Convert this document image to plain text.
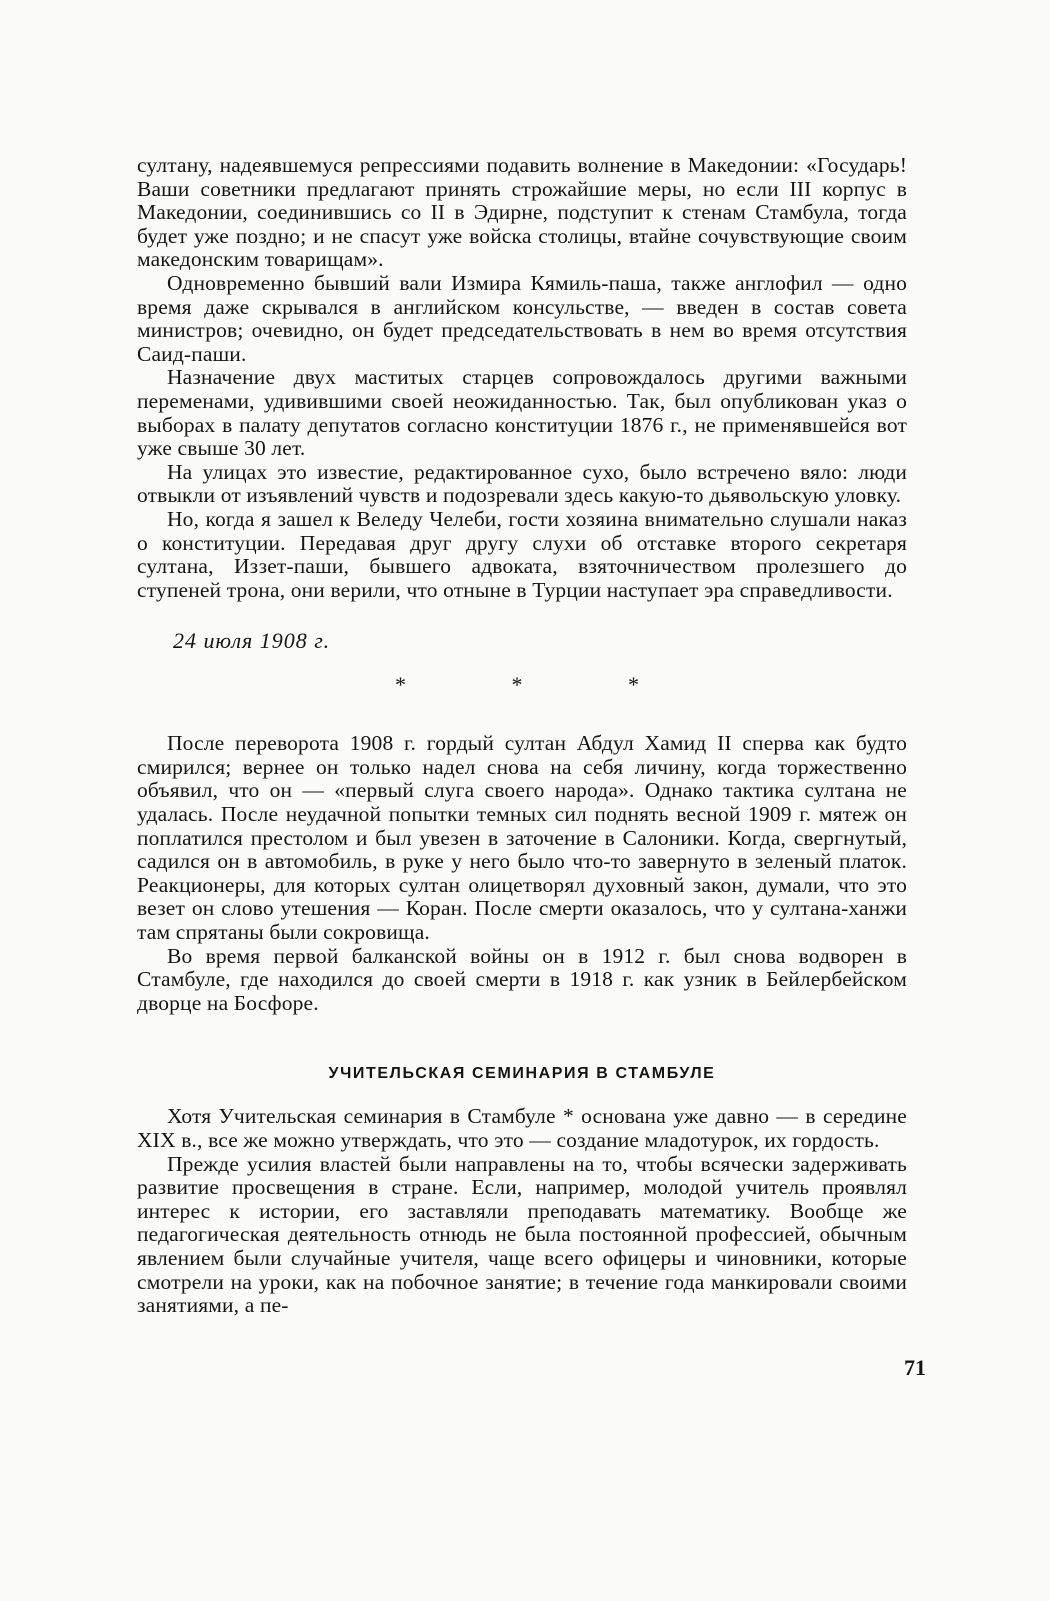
султану, надеявшемуся репрессиями подавить волнение в Македонии: «Государь! Ваши советники предлагают принять строжайшие меры, но если III корпус в Македонии, соединившись со II в Эдирне, подступит к стенам Стамбула, тогда будет уже поздно; и не спасут уже войска столицы, втайне сочувствующие своим македонским товарищам».

Одновременно бывший вали Измира Кямиль-паша, также англофил — одно время даже скрывался в английском консульстве, — введен в состав совета министров; очевидно, он будет председательствовать в нем во время отсутствия Саид-паши.

Назначение двух маститых старцев сопровождалось другими важными переменами, удивившими своей неожиданностью. Так, был опубликован указ о выборах в палату депутатов согласно конституции 1876 г., не применявшейся вот уже свыше 30 лет.

На улицах это известие, редактированное сухо, было встречено вяло: люди отвыкли от изъявлений чувств и подозревали здесь какую-то дьявольскую уловку.

Но, когда я зашел к Веледу Челеби, гости хозяина внимательно слушали наказ о конституции. Передавая друг другу слухи об отставке второго секретаря султана, Иззет-паши, бывшего адвоката, взяточничеством пролезшего до ступеней трона, они верили, что отныне в Турции наступает эра справедливости.

24 июля 1908 г.
* * *

После переворота 1908 г. гордый султан Абдул Хамид II сперва как будто смирился; вернее он только надел снова на себя личину, когда торжественно объявил, что он — «первый слуга своего народа». Однако тактика султана не удалась. После неудачной попытки темных сил поднять весной 1909 г. мятеж он поплатился престолом и был увезен в заточение в Салоники. Когда, свергнутый, садился он в автомобиль, в руке у него было что-то завернуто в зеленый платок. Реакционеры, для которых султан олицетворял духовный закон, думали, что это везет он слово утешения — Коран. После смерти оказалось, что у султана-ханжи там спрятаны были сокровища.

Во время первой балканской войны он в 1912 г. был снова водворен в Стамбуле, где находился до своей смерти в 1918 г. как узник в Бейлербейском дворце на Босфоре.

УЧИТЕЛЬСКАЯ СЕМИНАРИЯ В СТАМБУЛЕ

Хотя Учительская семинария в Стамбуле * основана уже давно — в середине XIX в., все же можно утверждать, что это — создание младотурок, их гордость.

Прежде усилия властей были направлены на то, чтобы всячески задерживать развитие просвещения в стране. Если, например, молодой учитель проявлял интерес к истории, его заставляли преподавать математику. Вообще же педагогическая деятельность отнюдь не была постоянной профессией, обычным явлением были случайные учителя, чаще всего офицеры и чиновники, которые смотрели на уроки, как на побочное занятие; в течение года манкировали своими занятиями, а пе-

71
